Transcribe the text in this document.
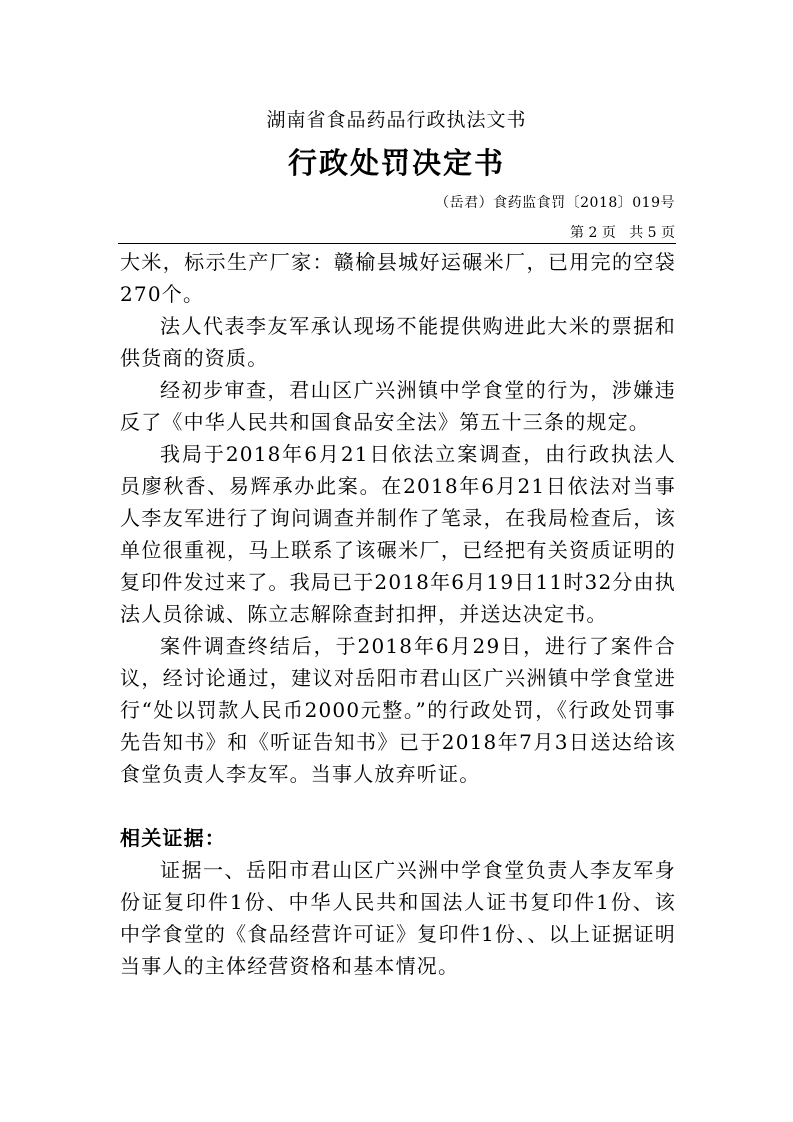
湖南省食品药品行政执法文书
行政处罚决定书
（岳君）食药监食罚〔2018〕019号
第 2 页   共 5 页

大米，标示生产厂家：赣榆县城好运碾米厂，已用完的空袋270个。

法人代表李友军承认现场不能提供购进此大米的票据和供货商的资质。

经初步审查，君山区广兴洲镇中学食堂的行为，涉嫌违反了《中华人民共和国食品安全法》第五十三条的规定。

我局于2018年6月21日依法立案调查，由行政执法人员廖秋香、易辉承办此案。在2018年6月21日依法对当事人李友军进行了询问调查并制作了笔录，在我局检查后，该单位很重视，马上联系了该碾米厂，已经把有关资质证明的复印件发过来了。我局已于2018年6月19日11时32分由执法人员徐诚、陈立志解除查封扣押，并送达决定书。

案件调查终结后，于2018年6月29日，进行了案件合议，经讨论通过，建议对岳阳市君山区广兴洲镇中学食堂进行“处以罚款人民币2000元整。”的行政处罚，《行政处罚事先告知书》和《听证告知书》已于2018年7月3日送达给该食堂负责人李友军。当事人放弃听证。

相关证据：

证据一、岳阳市君山区广兴洲中学食堂负责人李友军身份证复印件1份、中华人民共和国法人证书复印件1份、该中学食堂的《食品经营许可证》复印件1份、、以上证据证明当事人的主体经营资格和基本情况。
